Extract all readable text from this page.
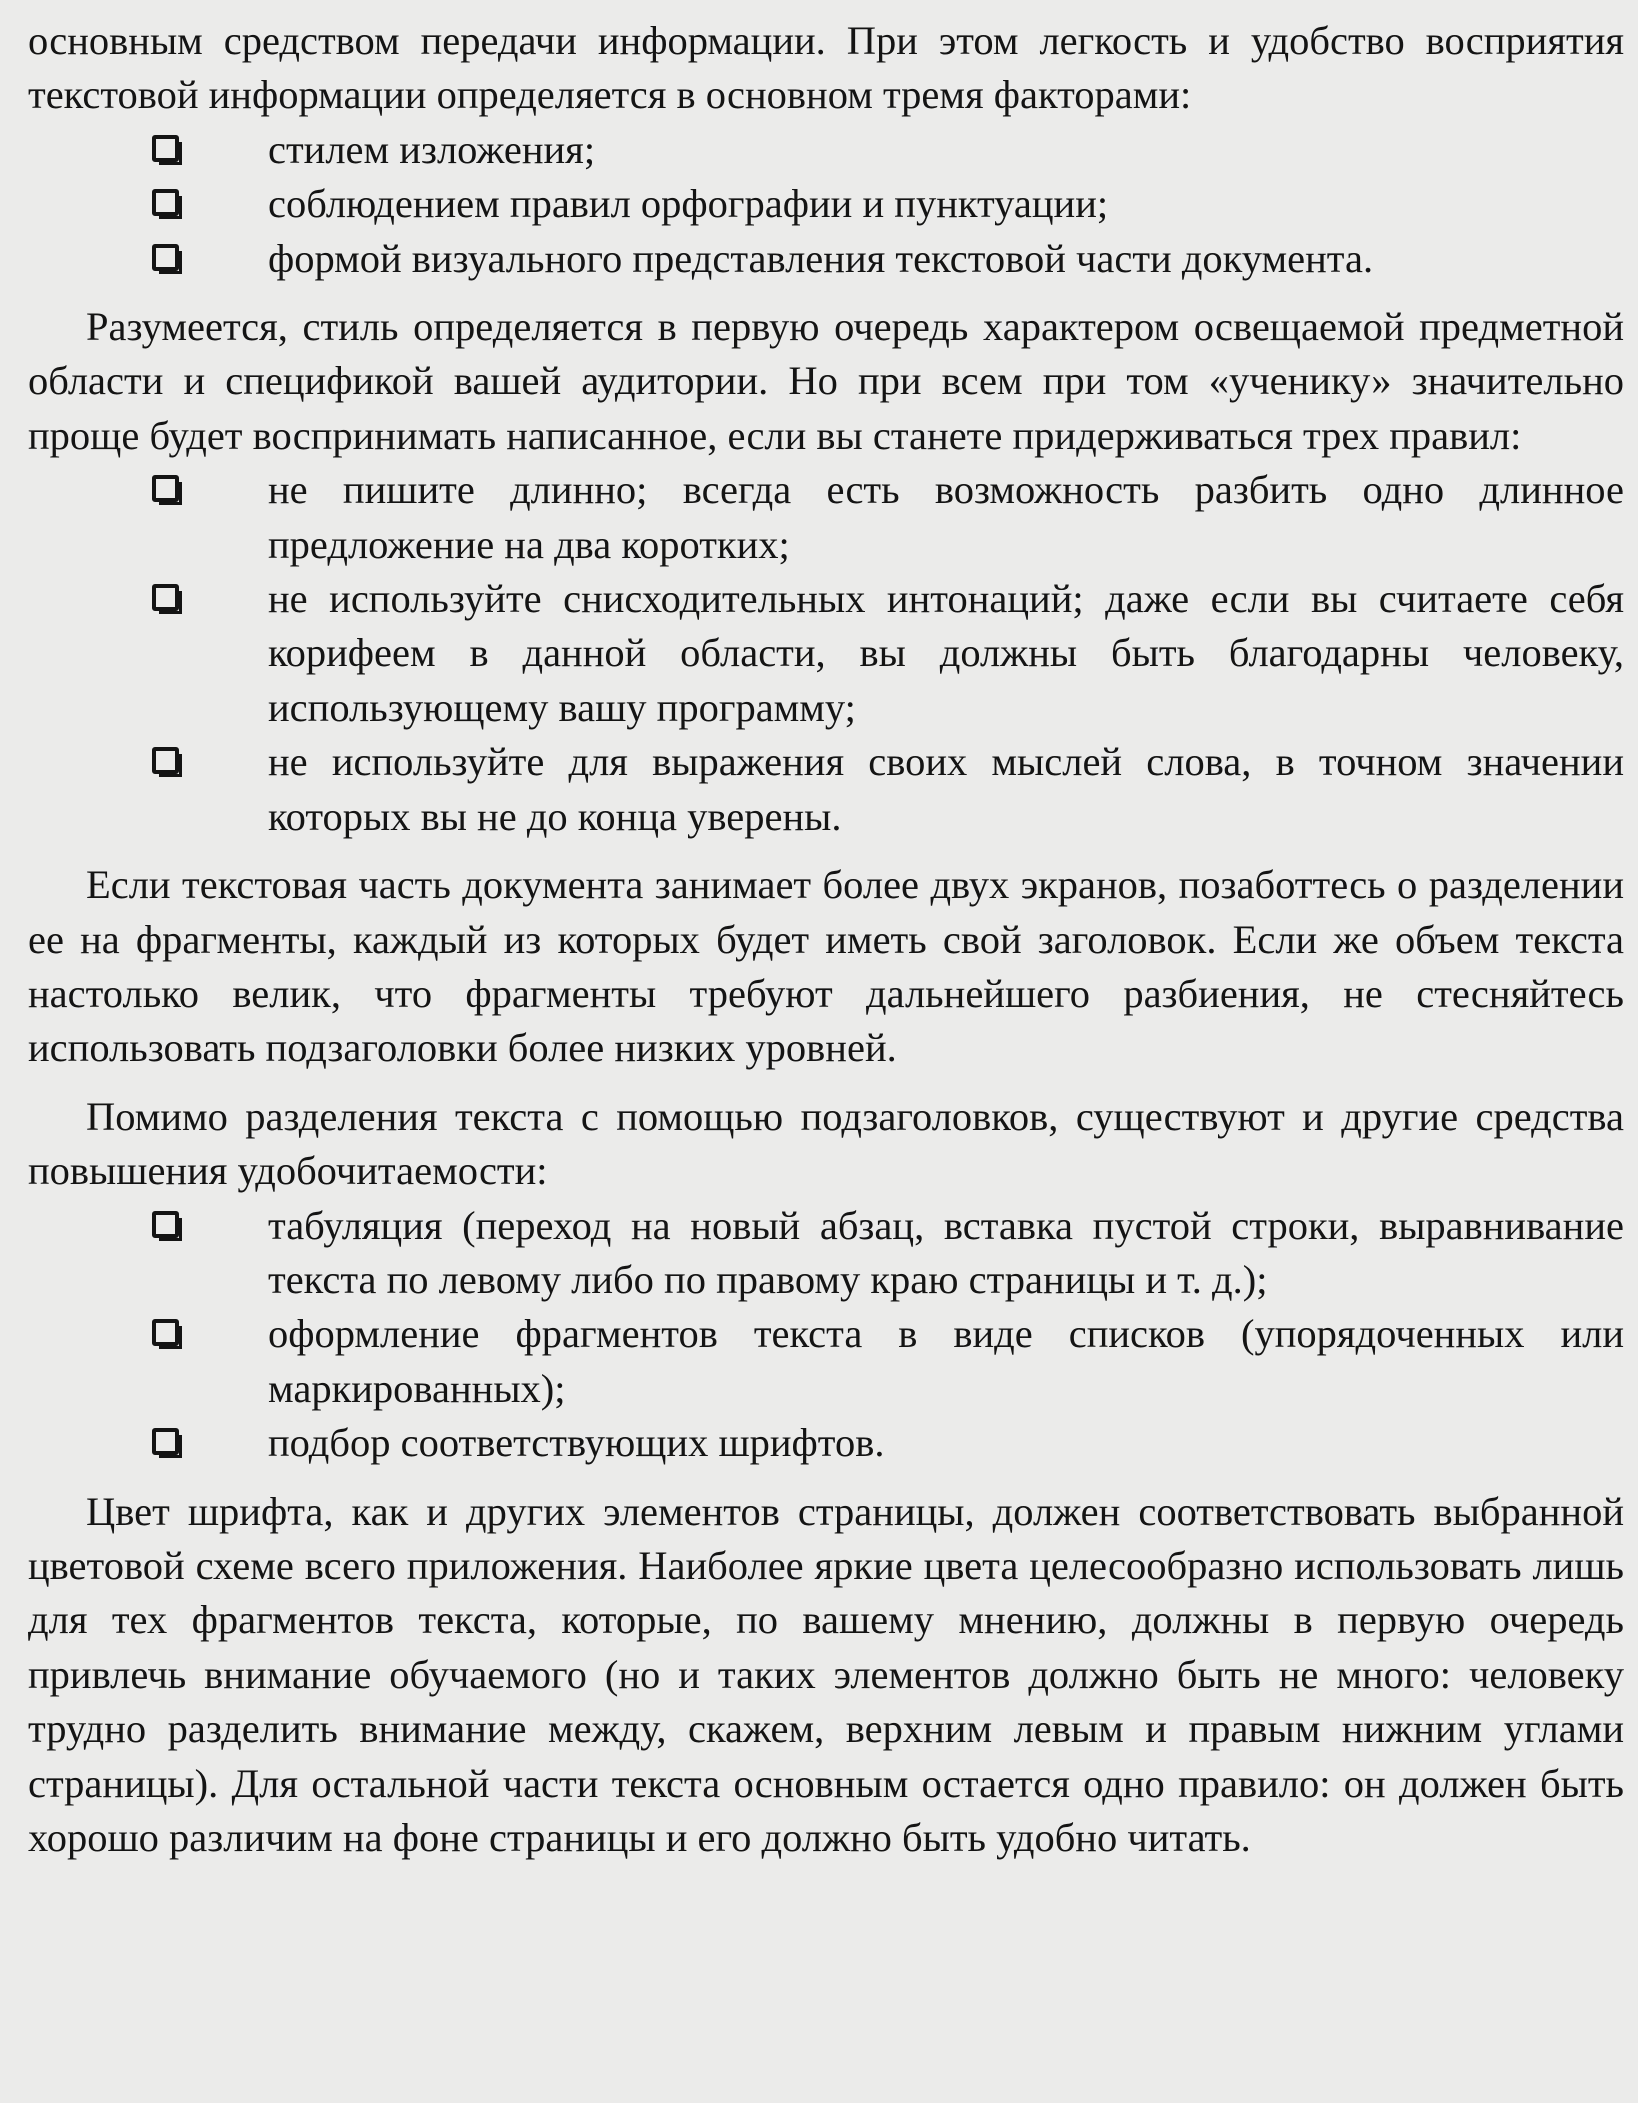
основным средством передачи информации. При этом легкость и удобство восприятия текстовой информации определяется в основном тремя факторами:

стилем изложения;
соблюдением правил орфографии и пунктуации;
формой визуального представления текстовой части документа.

Разумеется, стиль определяется в первую очередь характером освещаемой предметной области и спецификой вашей аудитории. Но при всем при том «ученику» значительно проще будет воспринимать написанное, если вы станете придерживаться трех правил:

не пишите длинно; всегда есть возможность разбить одно длинное предложение на два коротких;
не используйте снисходительных интонаций; даже если вы считаете себя корифеем в данной области, вы должны быть благодарны человеку, использующему вашу программу;
не используйте для выражения своих мыслей слова, в точном значении которых вы не до конца уверены.

Если текстовая часть документа занимает более двух экранов, позаботтесь о разделении ее на фрагменты, каждый из которых будет иметь свой заголовок. Если же объем текста настолько велик, что фрагменты требуют дальнейшего разбиения, не стесняйтесь использовать подзаголовки более низких уровней.

Помимо разделения текста с помощью подзаголовков, существуют и другие средства повышения удобочитаемости:

табуляция (переход на новый абзац, вставка пустой строки, выравнивание текста по левому либо по правому краю страницы и т. д.);
оформление фрагментов текста в виде списков (упорядоченных или маркированных);
подбор соответствующих шрифтов.

Цвет шрифта, как и других элементов страницы, должен соответствовать выбранной цветовой схеме всего приложения. Наиболее яркие цвета целесообразно использовать лишь для тех фрагментов текста, которые, по вашему мнению, должны в первую очередь привлечь внимание обучаемого (но и таких элементов должно быть не много: человеку трудно разделить внимание между, скажем, верхним левым и правым нижним углами страницы). Для остальной части текста основным остается одно правило: он должен быть хорошо различим на фоне страницы и его должно быть удобно читать.
